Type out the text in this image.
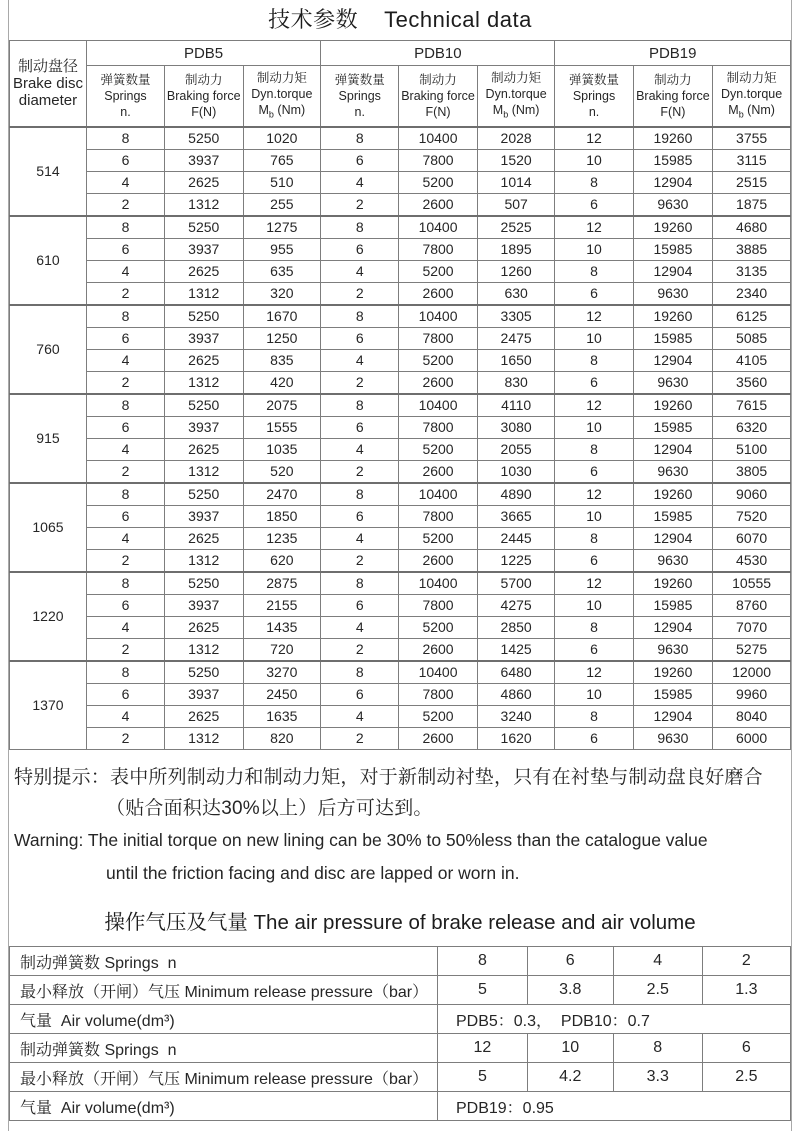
技术参数 Technical data
制动盘径
Brake disc
diameter	PDB5			PDB10			PDB19		

弹簧数量
Springs
n.

制动力
Braking force
F(N)

制动力矩
Dyn.torque
$M_b$ (Nm)

弹簧数量
Springs
n.

制动力
Braking force
F(N)

制动力矩
Dyn.torque
$M_b$ (Nm)

弹簧数量
Springs
n.

制动力
Braking force
F(N)

制动力矩
Dyn.torque
$M_b$ (Nm)

514	8	5250	1020	8	10400	2028	12	19260	3755
	6	3937	765	6	7800	1520	10	15985	3115
	4	2625	510	4	5200	1014	8	12904	2515
	2	1312	255	2	2600	507	6	9630	1875
610	8	5250	1275	8	10400	2525	12	19260	4680
	6	3937	955	6	7800	1895	10	15985	3885
	4	2625	635	4	5200	1260	8	12904	3135
	2	1312	320	2	2600	630	6	9630	2340
760	8	5250	1670	8	10400	3305	12	19260	6125
	6	3937	1250	6	7800	2475	10	15985	5085
	4	2625	835	4	5200	1650	8	12904	4105
	2	1312	420	2	2600	830	6	9630	3560
915	8	5250	2075	8	10400	4110	12	19260	7615
	6	3937	1555	6	7800	3080	10	15985	6320
	4	2625	1035	4	5200	2055	8	12904	5100
	2	1312	520	2	2600	1030	6	9630	3805
1065	8	5250	2470	8	10400	4890	12	19260	9060
	6	3937	1850	6	7800	3665	10	15985	7520
	4	2625	1235	4	5200	2445	8	12904	6070
	2	1312	620	2	2600	1225	6	9630	4530
1220	8	5250	2875	8	10400	5700	12	19260	10555
	6	3937	2155	6	7800	4275	10	15985	8760
	4	2625	1435	4	5200	2850	8	12904	7070
	2	1312	720	2	2600	1425	6	9630	5275
1370	8	5250	3270	8	10400	6480	12	19260	12000
	6	3937	2450	6	7800	4860	10	15985	9960
	4	2625	1635	4	5200	3240	8	12904	8040
	2	1312	820	2	2600	1620	6	9630	6000

特别提示：表中所列制动力和制动力矩，对于新制动衬垫，只有在衬垫与制动盘良好磨合

（贴合面积达30%以上）后方可达到。

Warning: The initial torque on new lining can be 30% to 50%less than the catalogue value

until the friction facing and disc are lapped or worn in.

操作气压及气量 The air pressure of brake release and air volume
制动弹簧数 Springs  n	8	6	4	2
最小释放（开闸）气压 Minimum release pressure（bar）	5	3.8	2.5	1.3
气量  Air volume(dm³)	PDB5：0.3，  PDB10：0.7			
制动弹簧数 Springs  n	12	10	8	6
最小释放（开闸）气压 Minimum release pressure（bar）	5	4.2	3.3	2.5
气量  Air volume(dm³)	PDB19：0.95			
